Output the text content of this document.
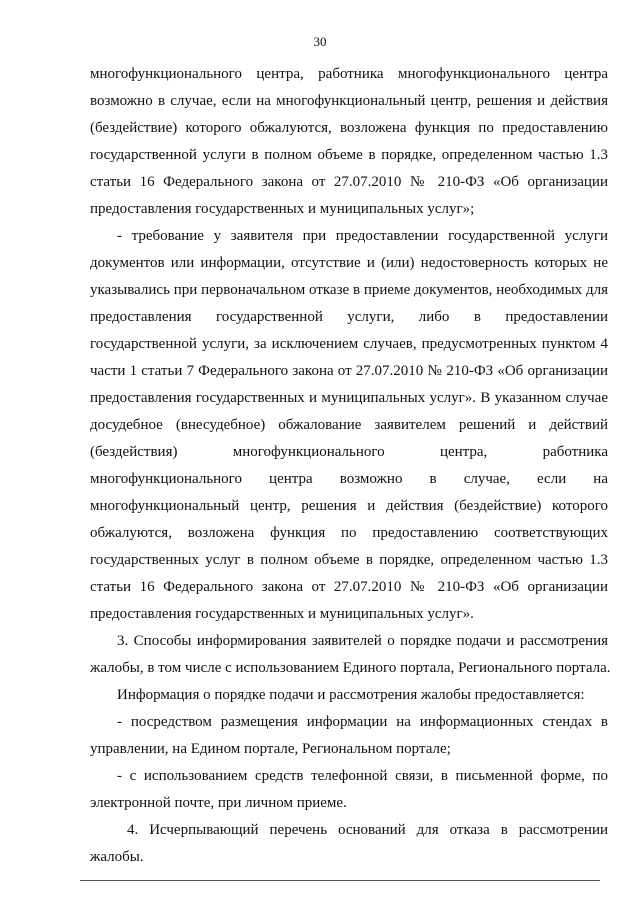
30
многофункционального центра, работника многофункционального центра
возможно в случае, если на многофункциональный центр, решения и действия
(бездействие) которого обжалуются, возложена функция по предоставлению
государственной услуги в полном объеме в порядке, определенном частью 1.3
статьи 16 Федерального закона от 27.07.2010 № 210-ФЗ «Об организации
предоставления государственных и муниципальных услуг»;
- требование у заявителя при предоставлении государственной услуги
документов или информации, отсутствие и (или) недостоверность которых не
указывались при первоначальном отказе в приеме документов, необходимых для
предоставления государственной услуги, либо в предоставлении
государственной услуги, за исключением случаев, предусмотренных пунктом 4
части 1 статьи 7 Федерального закона от 27.07.2010 № 210-ФЗ «Об организации
предоставления государственных и муниципальных услуг». В указанном случае
досудебное (внесудебное) обжалование заявителем решений и действий
(бездействия) многофункционального центра, работника
многофункционального центра возможно в случае, если на
многофункциональный центр, решения и действия (бездействие) которого
обжалуются, возложена функция по предоставлению соответствующих
государственных услуг в полном объеме в порядке, определенном частью 1.3
статьи 16 Федерального закона от 27.07.2010 № 210-ФЗ «Об организации
предоставления государственных и муниципальных услуг».
3. Способы информирования заявителей о порядке подачи и рассмотрения
жалобы, в том числе с использованием Единого портала, Регионального портала.
Информация о порядке подачи и рассмотрения жалобы предоставляется:
- посредством размещения информации на информационных стендах в
управлении, на Едином портале, Региональном портале;
- с использованием средств телефонной связи, в письменной форме, по
электронной почте, при личном приеме.
4. Исчерпывающий перечень оснований для отказа в рассмотрении
жалобы.
